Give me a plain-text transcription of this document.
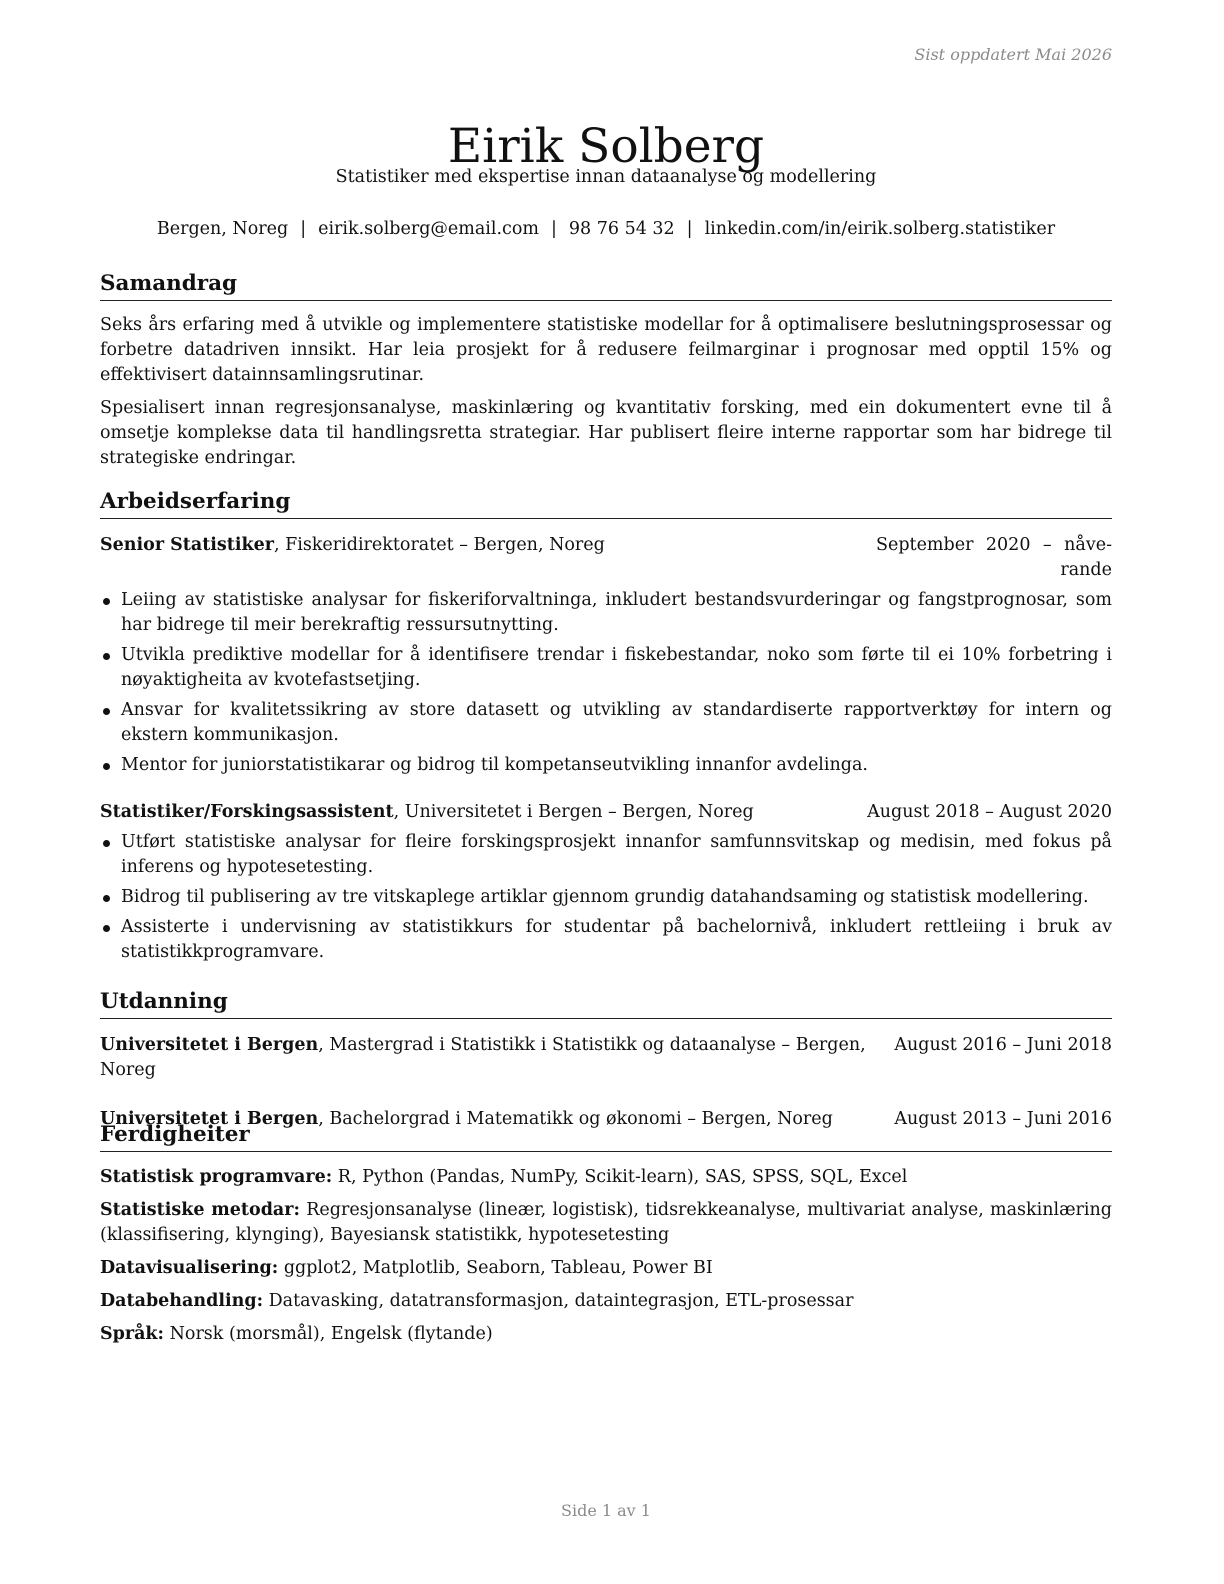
Sist oppdatert Mai 2026
Eirik Solberg
Statistiker med ekspertise innan dataanalyse og modellering
Bergen, Noreg | eirik.solberg@email.com | 98 76 54 32 | linkedin.com/in/eirik.solberg.statistiker
Samandrag

Seks års erfaring med å utvikle og implementere statistiske modellar for å optimalisere beslutningsprosessar og forbetre datadriven innsikt. Har leia prosjekt for å redusere feilmarginar i prognosar med opptil 15% og effektivisert datainnsamlingsrutinar.

Spesialisert innan regresjonsanalyse, maskinlæring og kvantitativ forsking, med ein dokumentert evne til å omsetje komplekse data til handlingsretta strategiar. Har publisert fleire interne rapportar som har bidrege til strategiske endringar.

Arbeidserfaring
Senior Statistiker, Fiskeridirektoratet – Bergen, Noreg	September 2020 – nåve-
rande
Leiing av statistiske analysar for fiskeriforvaltninga, inkludert bestandsvurderingar og fangstprognosar, som har bidrege til meir berekraftig ressursutnytting.
Utvikla prediktive modellar for å identifisere trendar i fiskebestandar, noko som førte til ei 10% forbetring i nøyaktigheita av kvotefastsetjing.
Ansvar for kvalitetssikring av store datasett og utvikling av standardiserte rapportverktøy for intern og ekstern kommunikasjon.
Mentor for juniorstatistikarar og bidrog til kompetanseutvikling innanfor avdelinga.
Statistiker/Forskingsassistent, Universitetet i Bergen – Bergen, Noreg	August 2018 – August 2020
Utført statistiske analysar for fleire forskingsprosjekt innanfor samfunnsvitskap og medisin, med fokus på inferens og hypotesetesting.
Bidrog til publisering av tre vitskaplege artiklar gjennom grundig datahandsaming og statistisk modellering.
Assisterte i undervisning av statistikkurs for studentar på bachelornivå, inkludert rettleiing i bruk av statistikkprogramvare.
Utdanning
Universitetet i Bergen, Mastergrad i Statistikk i Statistikk og dataanalyse – Bergen, Noreg
August 2016 – Juni 2018
Universitetet i Bergen, Bachelorgrad i Matematikk og økonomi – Bergen, Noreg	August 2013 – Juni 2016
Ferdigheiter

Statistisk programvare: R, Python (Pandas, NumPy, Scikit-learn), SAS, SPSS, SQL, Excel

Statistiske metodar: Regresjonsanalyse (lineær, logistisk), tidsrekkeanalyse, multivariat analyse, maskinlæring (klassifisering, klynging), Bayesiansk statistikk, hypotesetesting

Datavisualisering: ggplot2, Matplotlib, Seaborn, Tableau, Power BI

Databehandling: Datavasking, datatransformasjon, dataintegrasjon, ETL-prosessar

Språk: Norsk (morsmål), Engelsk (flytande)

Side 1 av 1
